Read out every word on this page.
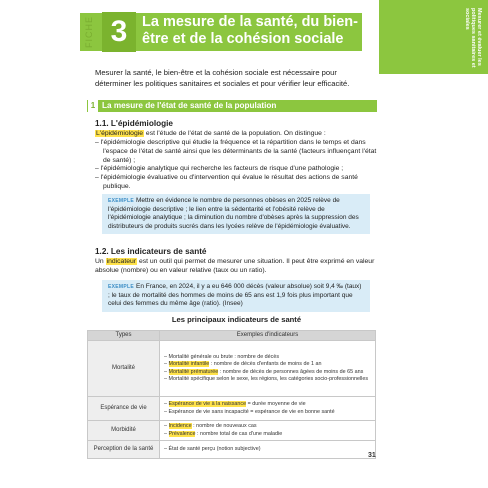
FICHE 3	La mesure de la santé, du bien-être et de la cohésion sociale	Mesurer et évaluer les politiques sanitaires et sociales
Mesurer la santé, le bien-être et la cohésion sociale est nécessaire pour déterminer les politiques sanitaires et sociales et pour vérifier leur efficacité.
1 La mesure de l'état de santé de la population
1.1. L'épidémiologie
L'épidémiologie est l'étude de l'état de santé de la population. On distingue :
– l'épidémiologie descriptive qui étudie la fréquence et la répartition dans le temps et dans l'espace de l'état de santé ainsi que les déterminants de la santé (facteurs influençant l'état de santé) ;
– l'épidémiologie analytique qui recherche les facteurs de risque d'une pathologie ;
– l'épidémiologie évaluative ou d'intervention qui évalue le résultat des actions de santé publique.
EXEMPLE Mettre en évidence le nombre de personnes obèses en 2025 relève de l'épidémiologie descriptive ; le lien entre la sédentarité et l'obésité relève de l'épidémiologie analytique ; la diminution du nombre d'obèses après la suppression des distributeurs de produits sucrés dans les lycées relève de l'épidémiologie évaluative.
1.2. Les indicateurs de santé
Un indicateur est un outil qui permet de mesurer une situation. Il peut être exprimé en valeur absolue (nombre) ou en valeur relative (taux ou un ratio).
EXEMPLE En France, en 2024, il y a eu 646 000 décès (valeur absolue) soit 9,4 ‰ (taux) ; le taux de mortalité des hommes de moins de 65 ans est 1,9 fois plus important que celui des femmes du même âge (ratio). (Insee)
Les principaux indicateurs de santé
Types	Exemples d'indicateurs
Mortalité	– Mortalité générale ou brute : nombre de décès
– Mortalité infantile : nombre de décès d'enfants de moins de 1 an
– Mortalité prématurée : nombre de décès de personnes âgées de moins de 65 ans
– Mortalité spécifique selon le sexe, les régions, les catégories socio-professionnelles

Espérance de vie	– Espérance de vie à la naissance = durée moyenne de vie
– Espérance de vie sans incapacité = espérance de vie en bonne santé

Morbidité	– Incidence : nombre de nouveaux cas
– Prévalence : nombre total de cas d'une maladie

Perception de la santé	– État de santé perçu (notion subjective)
31
